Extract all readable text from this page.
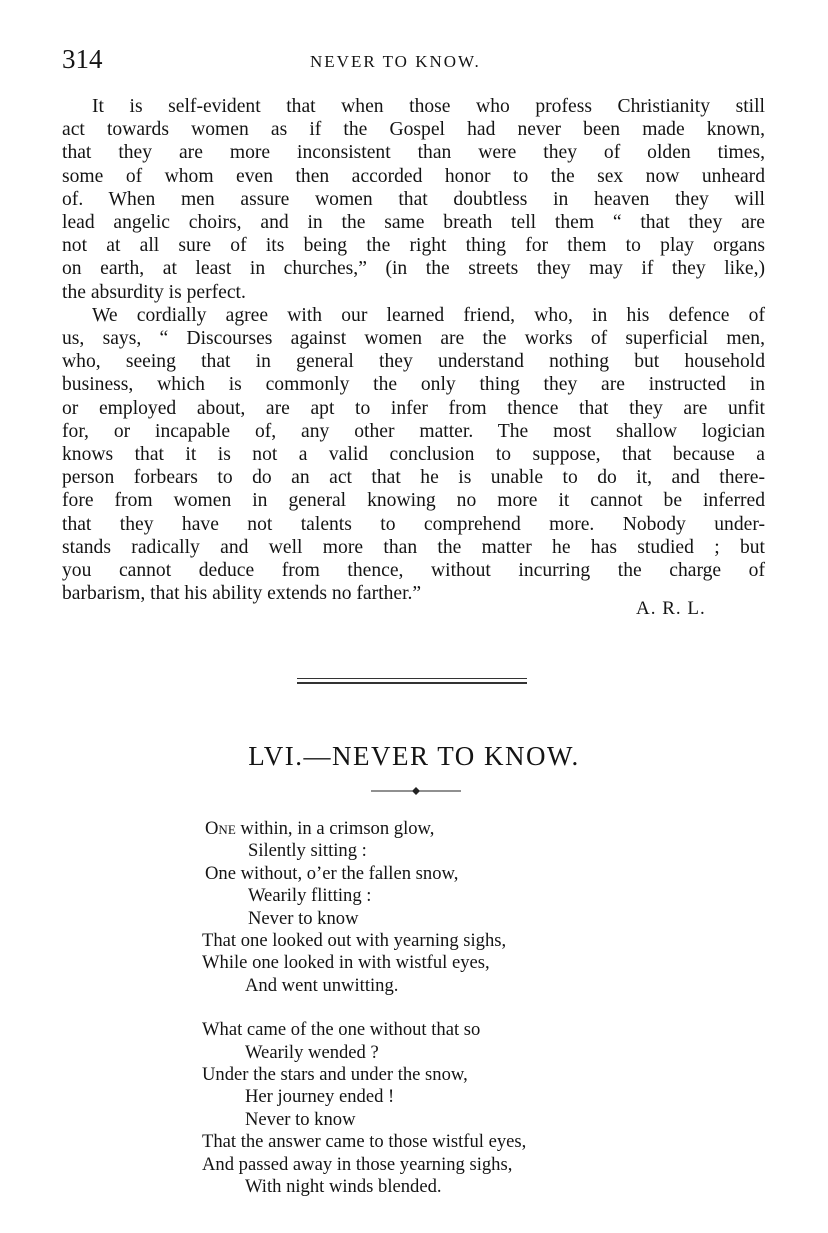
314	NEVER TO KNOW.
It is self-evident that when those who profess Christianity still
act towards women as if the Gospel had never been made known,
that they are more inconsistent than were they of olden times,
some of whom even then accorded honor to the sex now unheard
of. When men assure women that doubtless in heaven they will
lead angelic choirs, and in the same breath tell them “ that they are
not at all sure of its being the right thing for them to play organs
on earth, at least in churches,” (in the streets they may if they like,)
the absurdity is perfect.
We cordially agree with our learned friend, who, in his defence of
us, says, “ Discourses against women are the works of superficial men,
who, seeing that in general they understand nothing but household
business, which is commonly the only thing they are instructed in
or employed about, are apt to infer from thence that they are unfit
for, or incapable of, any other matter. The most shallow logician
knows that it is not a valid conclusion to suppose, that because a
person forbears to do an act that he is unable to do it, and there-
fore from women in general knowing no more it cannot be inferred
that they have not talents to comprehend more. Nobody under-
stands radically and well more than the matter he has studied ; but
you cannot deduce from thence, without incurring the charge of
barbarism, that his ability extends no farther.”
A. R. L.
LVI.—NEVER TO KNOW.
One within, in a crimson glow,
Silently sitting :
One without, o’er the fallen snow,
Wearily flitting :
Never to know
That one looked out with yearning sighs,
While one looked in with wistful eyes,
And went unwitting.
What came of the one without that so
Wearily wended ?
Under the stars and under the snow,
Her journey ended !
Never to know
That the answer came to those wistful eyes,
And passed away in those yearning sighs,
With night winds blended.
